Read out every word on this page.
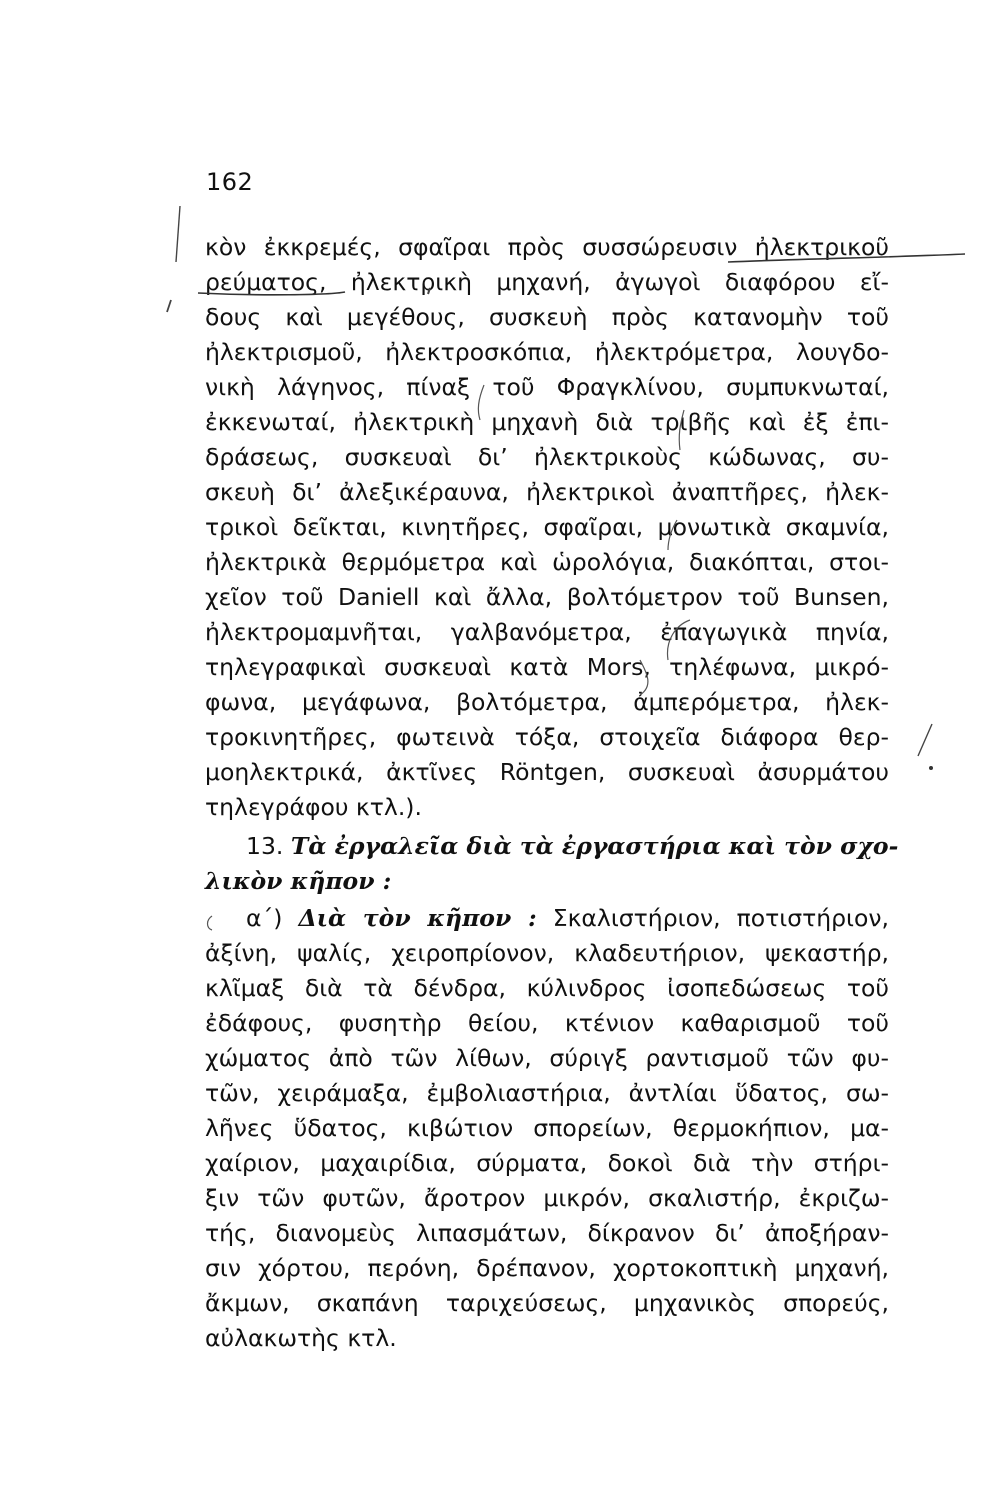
162
κὸν ἐκκρεμές, σφαῖραι πρὸς συσσώρευσιν ἠλεκτρικοῦ
ρεύματος, ἠλεκτρικὴ μηχανή, ἀγωγοὶ διαφόρου εἴ-
δους καὶ μεγέθους, συσκευὴ πρὸς κατανομὴν τοῦ
ἠλεκτρισμοῦ, ἠλεκτροσκόπια, ἠλεκτρόμετρα, λουγδο-
νικὴ λάγηνος, πίναξ τοῦ Φραγκλίνου, συμπυκνωταί,
ἐκκενωταί, ἠλεκτρικὴ μηχανὴ διὰ τριβῆς καὶ ἐξ ἐπι-
δράσεως, συσκευαὶ δι’ ἠλεκτρικοὺς κώδωνας, συ-
σκευὴ δι’ ἀλεξικέραυνα, ἠλεκτρικοὶ ἀναπτῆρες, ἠλεκ-
τρικοὶ δεῖκται, κινητῆρες, σφαῖραι, μονωτικὰ σκαμνία,
ἠλεκτρικὰ θερμόμετρα καὶ ὡρολόγια, διακόπται, στοι-
χεῖον τοῦ Daniell καὶ ἄλλα, βολτόμετρον τοῦ Bunsen,
ἠλεκτρομαμνῆται, γαλβανόμετρα, ἐπαγωγικὰ πηνία,
τηλεγραφικαὶ συσκευαὶ κατὰ Mors, τηλέφωνα, μικρό-
φωνα, μεγάφωνα, βολτόμετρα, ἀμπερόμετρα, ἠλεκ-
τροκινητῆρες, φωτεινὰ τόξα, στοιχεῖα διάφορα θερ-
μοηλεκτρικά, ἀκτῖνες Röntgen, συσκευαὶ ἀσυρμάτου
τηλεγράφου κτλ.).
13. Τὰ ἐργαλεῖα διὰ τὰ ἐργαστήρια καὶ τὸν σχο-
λικὸν κῆπον :
α΄) Διὰ τὸν κῆπον : Σκαλιστήριον, ποτιστήριον,
ἀξίνη, ψαλίς, χειροπρίονον, κλαδευτήριον, ψεκαστήρ,
κλῖμαξ διὰ τὰ δένδρα, κύλινδρος ἰσοπεδώσεως τοῦ
ἐδάφους, φυσητὴρ θείου, κτένιον καθαρισμοῦ τοῦ
χώματος ἀπὸ τῶν λίθων, σύριγξ ραντισμοῦ τῶν φυ-
τῶν, χειράμαξα, ἐμβολιαστήρια, ἀντλίαι ὕδατος, σω-
λῆνες ὕδατος, κιβώτιον σπορείων, θερμοκήπιον, μα-
χαίριον, μαχαιρίδια, σύρματα, δοκοὶ διὰ τὴν στήρι-
ξιν τῶν φυτῶν, ἄροτρον μικρόν, σκαλιστήρ, ἐκριζω-
τής, διανομεὺς λιπασμάτων, δίκρανον δι’ ἀποξήραν-
σιν χόρτου, περόνη, δρέπανον, χορτοκοπτικὴ μηχανή,
ἄκμων, σκαπάνη ταριχεύσεως, μηχανικὸς σπορεύς,
αὐλακωτὴς κτλ.
